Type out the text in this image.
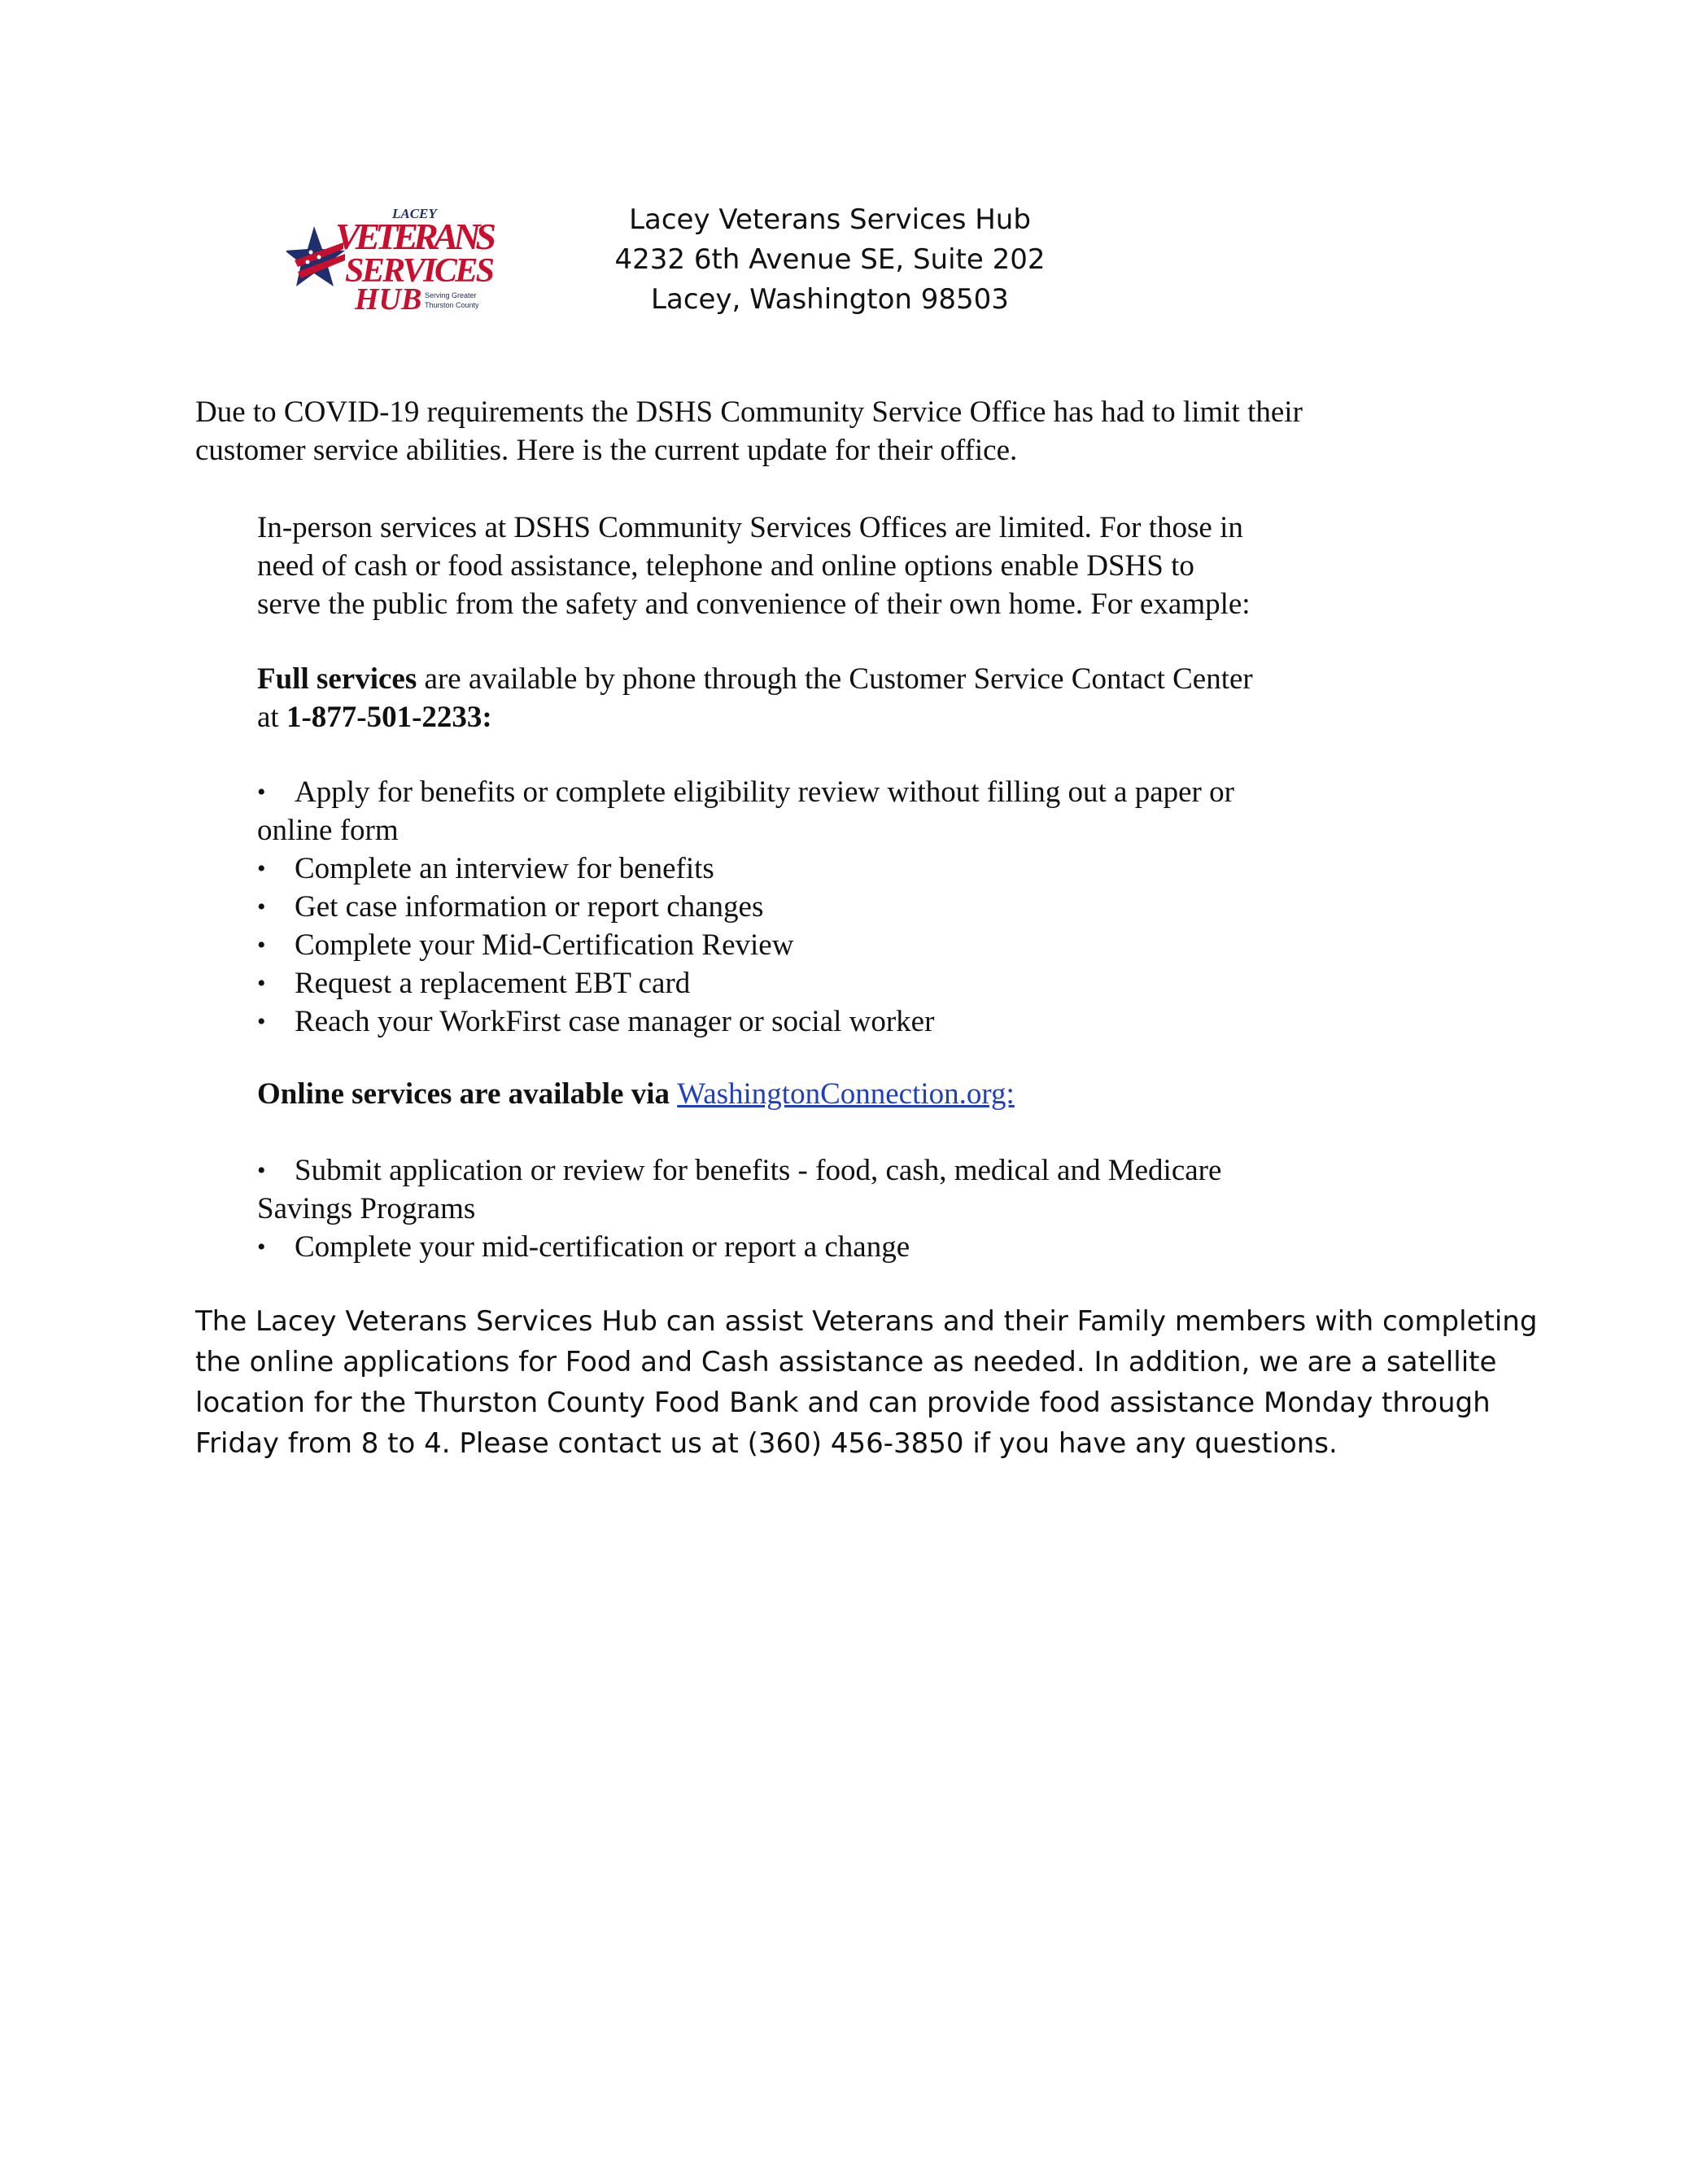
LACEY
VETERANS
SERVICES
HUB Serving Greater
Thurston County
Lacey Veterans Services Hub
4232 6th Avenue SE, Suite 202
Lacey, Washington 98503
Due to COVID-19 requirements the DSHS Community Service Office has had to limit their
customer service abilities. Here is the current update for their office.
In-person services at DSHS Community Services Offices are limited. For those in
need of cash or food assistance, telephone and online options enable DSHS to
serve the public from the safety and convenience of their own home. For example:
Full services are available by phone through the Customer Service Contact Center
at 1-877-501-2233:
• Apply for benefits or complete eligibility review without filling out a paper or
online form
• Complete an interview for benefits
• Get case information or report changes
• Complete your Mid-Certification Review
• Request a replacement EBT card
• Reach your WorkFirst case manager or social worker
Online services are available via WashingtonConnection.org:
• Submit application or review for benefits - food, cash, medical and Medicare
Savings Programs
• Complete your mid-certification or report a change
The Lacey Veterans Services Hub can assist Veterans and their Family members with completing
the online applications for Food and Cash assistance as needed. In addition, we are a satellite
location for the Thurston County Food Bank and can provide food assistance Monday through
Friday from 8 to 4. Please contact us at (360) 456-3850 if you have any questions.
